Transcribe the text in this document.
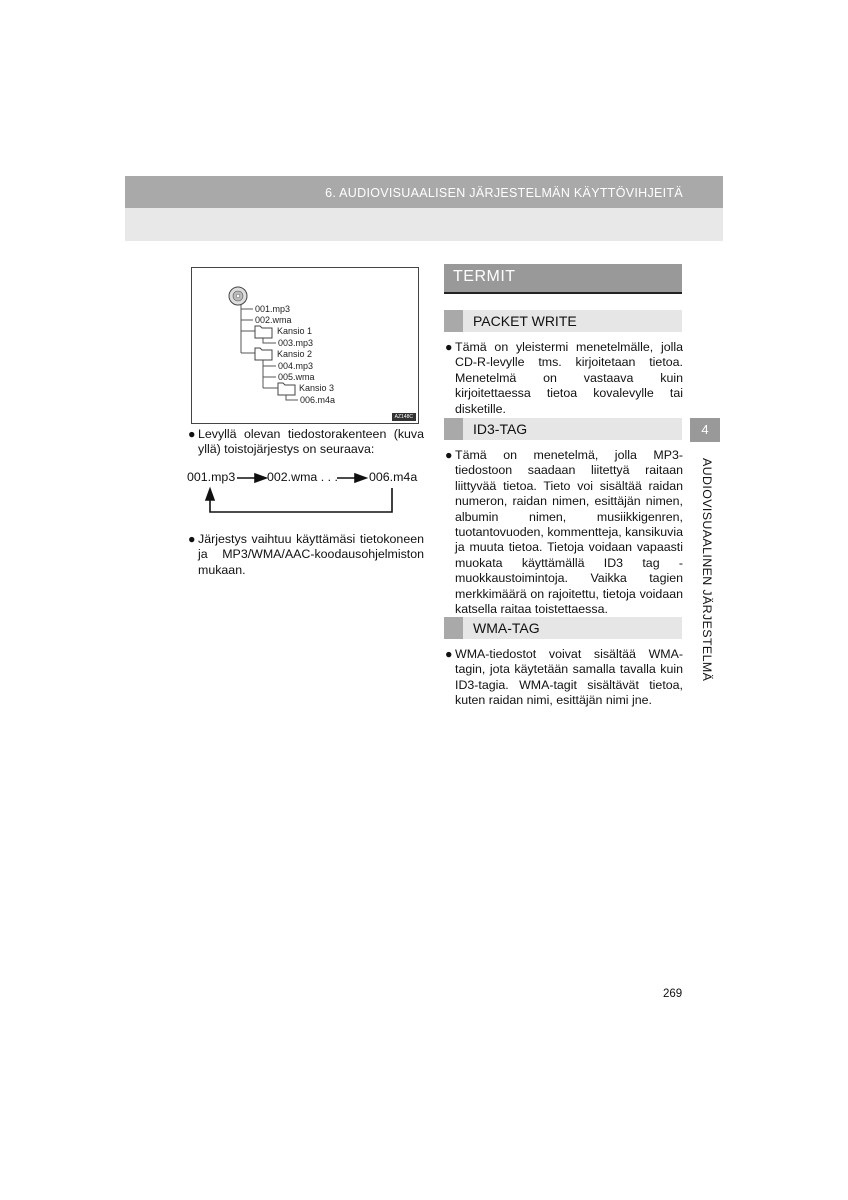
6. AUDIOVISUAALISEN JÄRJESTELMÄN KÄYTTÖVIHJEITÄ
001.mp3
002.wma
Kansio 1
003.mp3
Kansio 2
004.mp3
005.wma
Kansio 3
006.m4a
AZ148C
● Levyllä olevan tiedostorakenteen (kuva yllä) toistojärjestys on seuraava:
001.mp3	002.wma . . .	006.m4a
● Järjestys vaihtuu käyttämäsi tietokoneen ja MP3/WMA/AAC-koodausohjelmiston mukaan.
TERMIT
PACKET WRITE
● Tämä on yleistermi menetelmälle, jolla CD-R-levylle tms. kirjoitetaan tietoa. Menetelmä on vastaava kuin kirjoitettaessa tietoa kovalevylle tai disketille.
ID3-TAG
● Tämä on menetelmä, jolla MP3-tiedostoon saadaan liitettyä raitaan liittyvää tietoa. Tieto voi sisältää raidan numeron, raidan nimen, esittäjän nimen, albumin nimen, musiikkigenren, tuotantovuoden, kommentteja, kansikuvia ja muuta tietoa. Tietoja voidaan vapaasti muokata käyttämällä ID3 tag -muokkaustoimintoja. Vaikka tagien merkkimäärä on rajoitettu, tietoja voidaan katsella raitaa toistettaessa.
WMA-TAG
● WMA-tiedostot voivat sisältää WMA-tagin, jota käytetään samalla tavalla kuin ID3-tagia. WMA-tagit sisältävät tietoa, kuten raidan nimi, esittäjän nimi jne.
4
AUDIOVISUAALINEN JÄRJESTELMÄ
269
